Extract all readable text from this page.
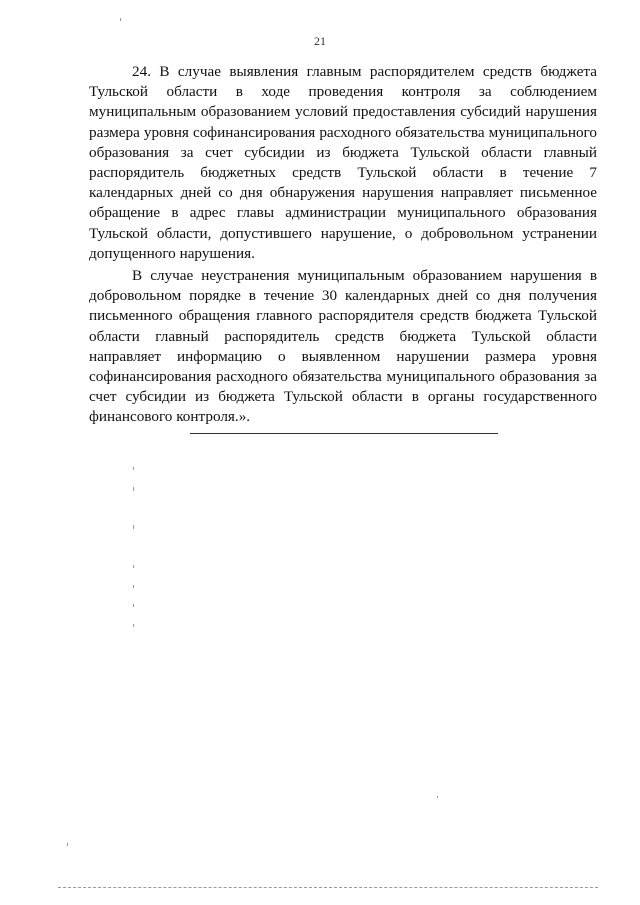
21

24. В случае выявления главным распорядителем средств бюджета Тульской области в ходе проведения контроля за соблюдением муниципальным образованием условий предоставления субсидий нарушения размера уровня софинансирования расходного обязательства муниципального образования за счет субсидии из бюджета Тульской области главный распорядитель бюджетных средств Тульской области в течение 7 календарных дней со дня обнаружения нарушения направляет письменное обращение в адрес главы администрации муниципального образования Тульской области, допустившего нарушение, о добровольном устранении допущенного нарушения.

В случае неустранения муниципальным образованием нарушения в добровольном порядке в течение 30 календарных дней со дня получения письменного обращения главного распорядителя средств бюджета Тульской области главный распорядитель средств бюджета Тульской области направляет информацию о выявленном нарушении размера уровня софинансирования расходного обязательства муниципального образования за счет субсидии из бюджета Тульской области в органы государственного финансового контроля.».
